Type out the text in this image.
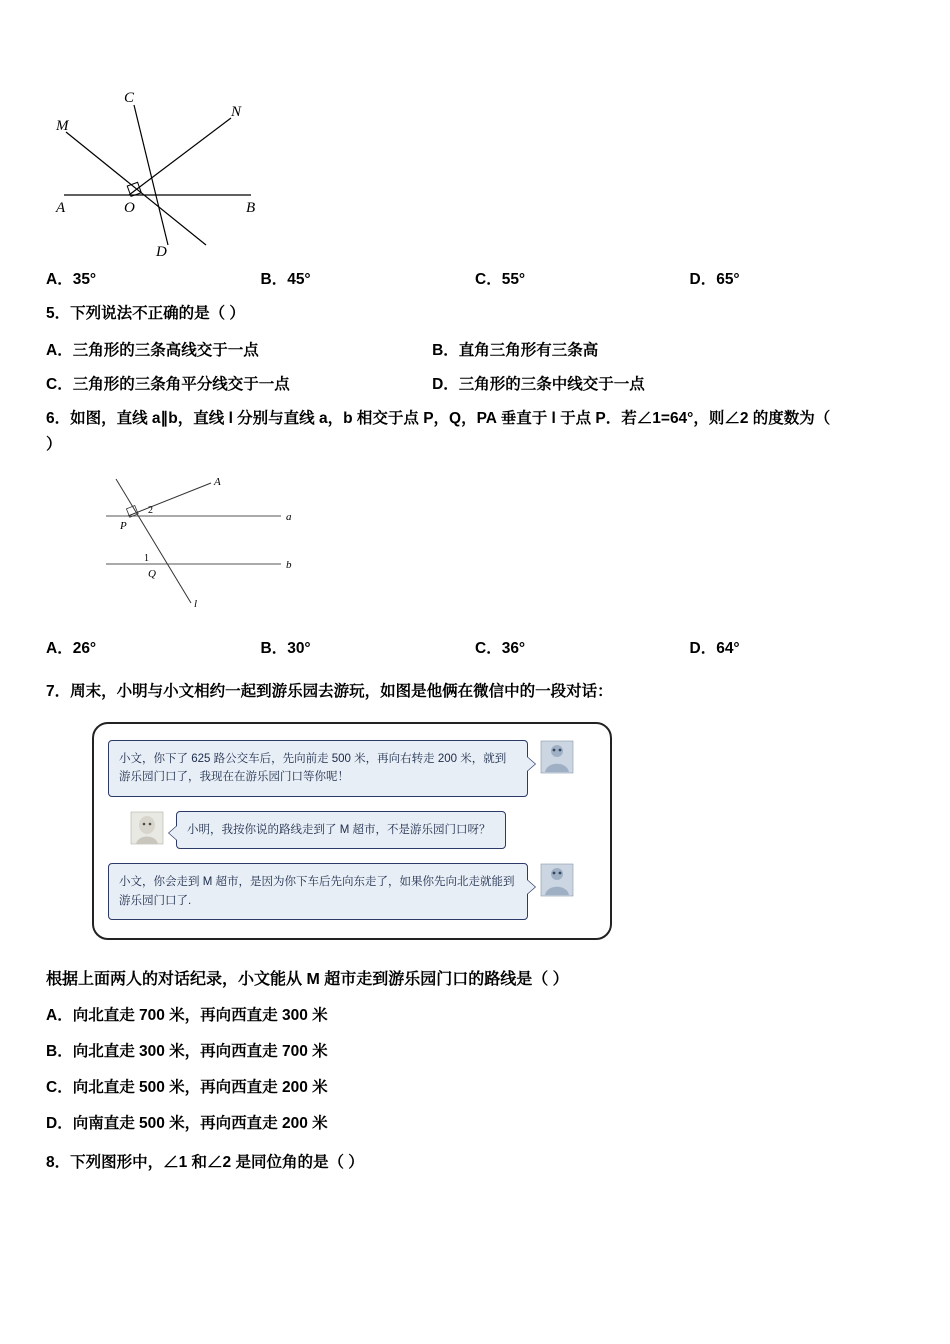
M
C
N
A	O	B
D
A．35°	B．45°	C．55°	D．65°

5．下列说法不正确的是（ ）

A．三角形的三条高线交于一点	B．直角三角形有三条高
C．三角形的三条角平分线交于一点	D．三角形的三条中线交于一点

6．如图，直线 a∥b，直线 l 分别与直线 a，b 相交于点 P，Q，PA 垂直于 l 于点 P．若∠1=64°，则∠2 的度数为（

）

A
a
b
l
P
Q
2
1
A．26°	B．30°	C．36°	D．64°

7．周末，小明与小文相约一起到游乐园去游玩，如图是他俩在微信中的一段对话：

小文，你下了 625 路公交车后，先向前走 500 米，再向右转走 200 米，就到游乐园门口了，我现在在游乐园门口等你呢！
小明，我按你说的路线走到了 M 超市，不是游乐园门口呀？
小文，你会走到 M 超市，是因为你下车后先向东走了，如果你先向北走就能到游乐园门口了.

根据上面两人的对话纪录，小文能从 M 超市走到游乐园门口的路线是（ ）

A．向北直走 700 米，再向西直走 300 米
B．向北直走 300 米，再向西直走 700 米
C．向北直走 500 米，再向西直走 200 米
D．向南直走 500 米，再向西直走 200 米

8．下列图形中，∠1 和∠2 是同位角的是（ ）
